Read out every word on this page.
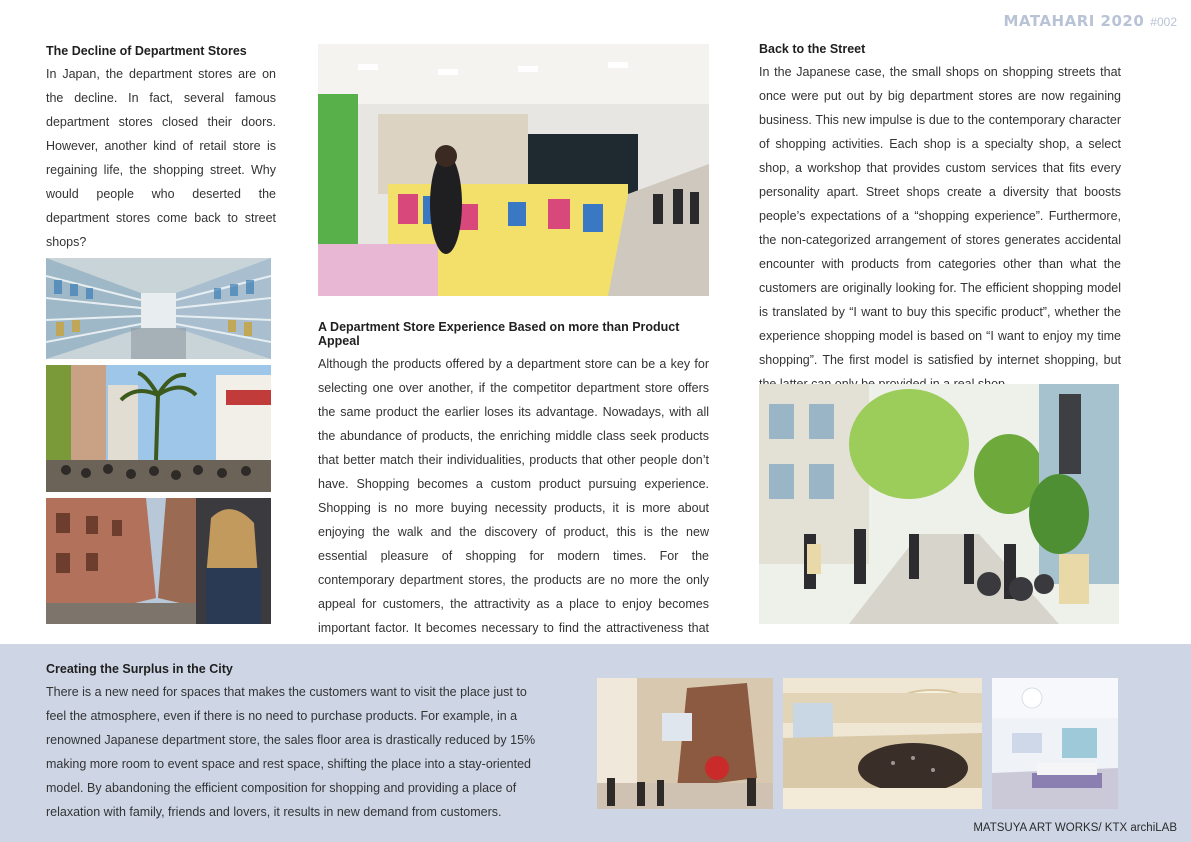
MATAHARI 2020 #002

The Decline of Department Stores

In Japan, the department stores are on the decline. In fact, several famous department stores closed their doors. However, another kind of retail store is regaining life, the shopping street. Why would people who deserted the department stores come back to street shops?

A Department Store Experience Based on more than Product Appeal

Although the products offered by a department store can be a key for selecting one over another, if the competitor department store offers the same product the earlier loses its advantage. Nowadays, with all the abundance of products, the enriching middle class seek products that better match their individualities, products that other people don’t have. Shopping becomes a custom product pursuing experience. Shopping is no more buying necessity products, it is more about enjoying the walk and the discovery of product, this is the new essential pleasure of shopping for modern times. For the contemporary department stores, the products are no more the only appeal for customers, the attractivity as a place to enjoy becomes important factor. It becomes necessary to find the attractiveness that

Back to the Street

In the Japanese case, the small shops on shopping streets that once were put out by big department stores are now regaining business. This new impulse is due to the contemporary character of shopping activities. Each shop is a specialty shop, a select shop, a workshop that provides custom services that fits every personality apart. Street shops create a diversity that boosts people’s expectations of a “shopping experience”. Furthermore, the non-categorized arrangement of stores generates accidental encounter with products from categories other than what the customers are originally looking for. The efficient shopping model is translated by “I want to buy this specific product”, whether the experience shopping model is based on “I want to enjoy my time shopping”. The first model is satisfied by internet shopping, but

Creating the Surplus in the City

There is a new need for spaces that makes the customers want to visit the place just to feel the atmosphere, even if there is no need to purchase products. For example, in a renowned Japanese department store, the sales floor area is drastically reduced by 15% making more room to event space and rest space, shifting the place into a stay-oriented model. By abandoning the efficient composition for shopping and providing a place of relaxation with family, friends and lovers, it results in new demand from customers.

MATSUYA ART WORKS/ KTX archiLAB
